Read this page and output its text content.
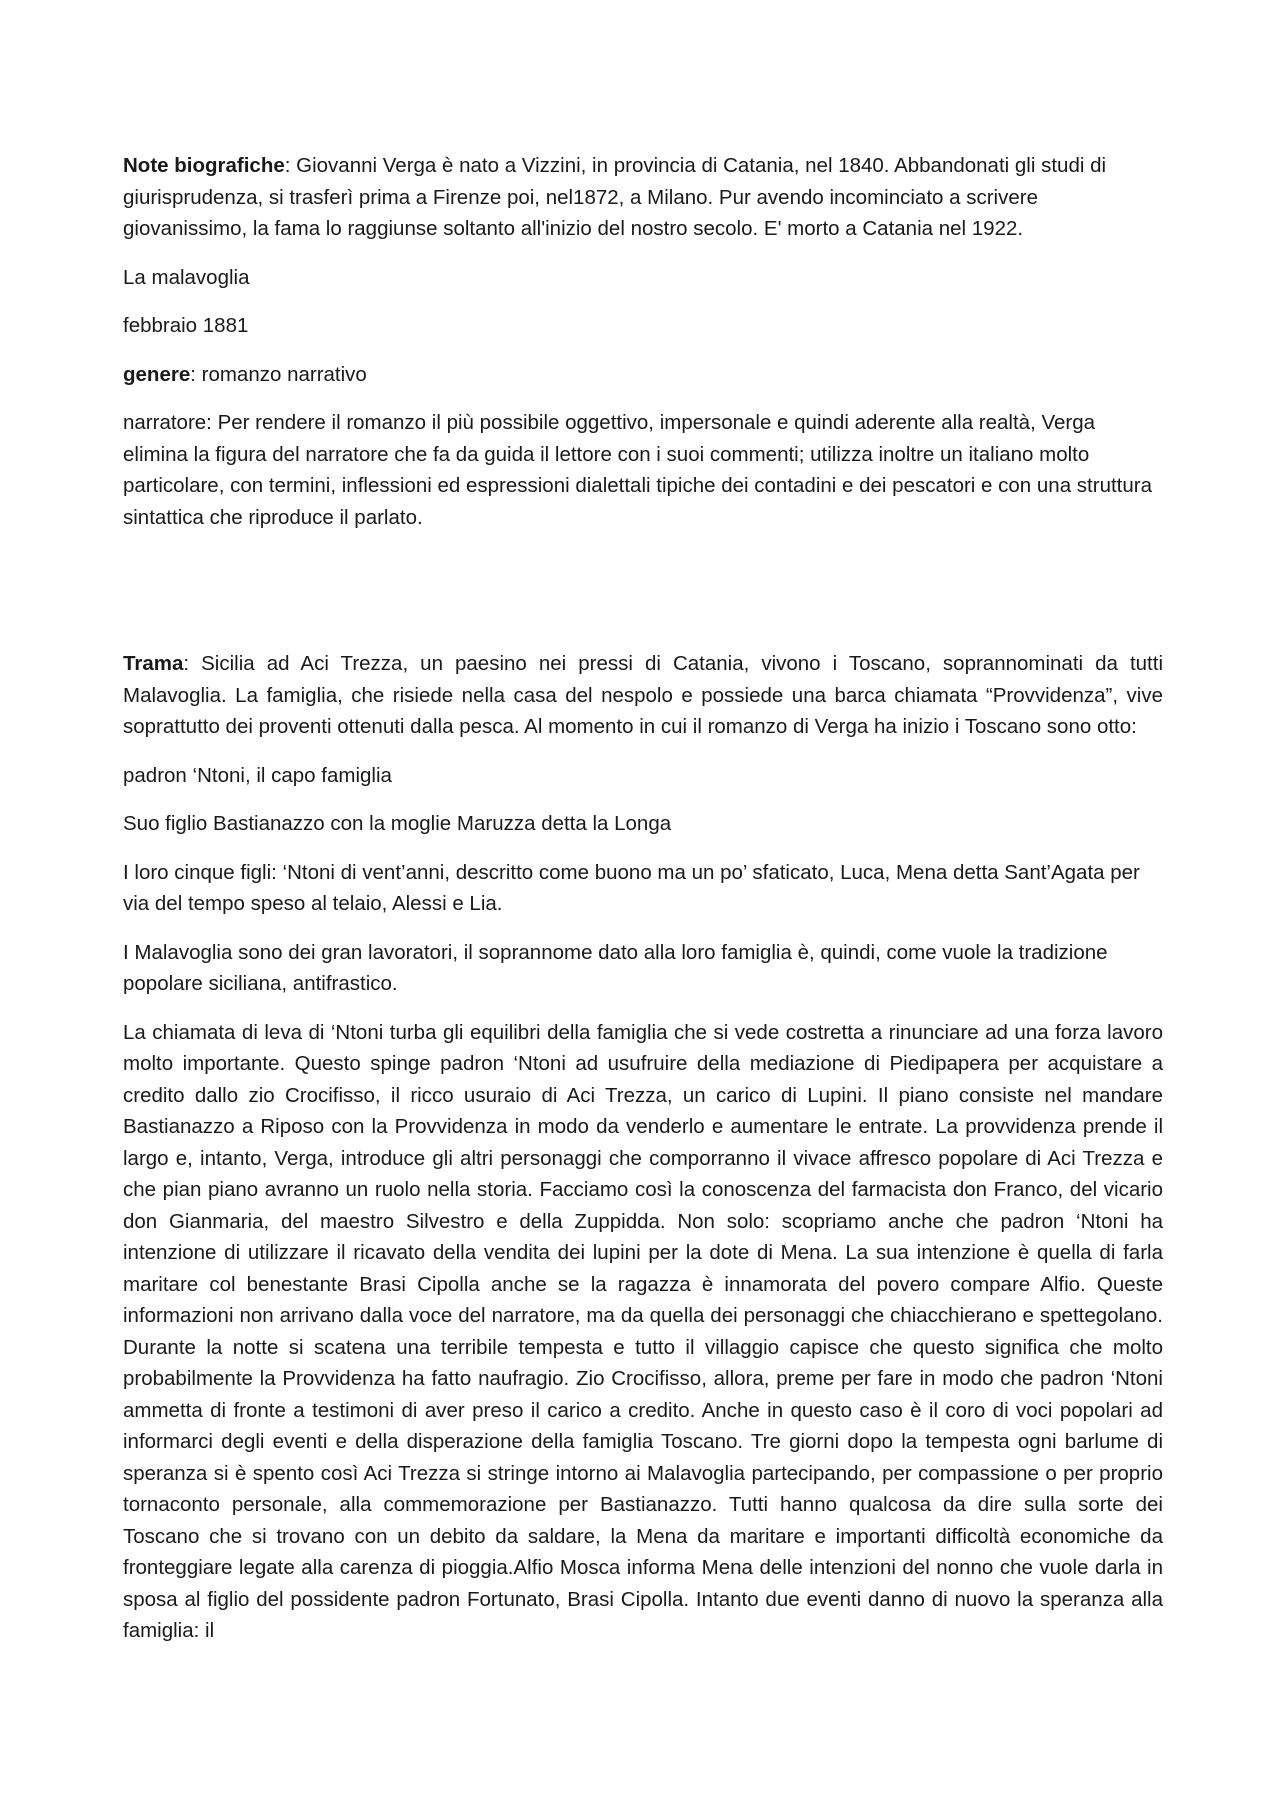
Note biografiche: Giovanni Verga è nato a Vizzini, in provincia di Catania, nel 1840. Abbandonati gli studi di giurisprudenza, si trasferì prima a Firenze poi, nel1872, a Milano. Pur avendo incominciato a scrivere giovanissimo, la fama lo raggiunse soltanto all'inizio del nostro secolo. E' morto a Catania nel 1922.

La malavoglia

febbraio 1881

genere: romanzo narrativo

narratore: Per rendere il romanzo il più possibile oggettivo, impersonale e quindi aderente alla realtà, Verga elimina la figura del narratore che fa da guida il lettore con i suoi commenti; utilizza inoltre un italiano molto particolare, con termini, inflessioni ed espressioni dialettali tipiche dei contadini e dei pescatori e con una struttura sintattica che riproduce il parlato.

Trama: Sicilia ad Aci Trezza, un paesino nei pressi di Catania, vivono i Toscano, soprannominati da tutti Malavoglia. La famiglia, che risiede nella casa del nespolo e possiede una barca chiamata “Provvidenza”, vive soprattutto dei proventi ottenuti dalla pesca. Al momento in cui il romanzo di Verga ha inizio i Toscano sono otto:

padron ‘Ntoni, il capo famiglia

Suo figlio Bastianazzo con la moglie Maruzza detta la Longa

I loro cinque figli: ‘Ntoni di vent’anni, descritto come buono ma un po’ sfaticato, Luca, Mena detta Sant’Agata per via del tempo speso al telaio, Alessi e Lia.

I Malavoglia sono dei gran lavoratori, il soprannome dato alla loro famiglia è, quindi, come vuole la tradizione popolare siciliana, antifrastico.

La chiamata di leva di ‘Ntoni turba gli equilibri della famiglia che si vede costretta a rinunciare ad una forza lavoro molto importante. Questo spinge padron ‘Ntoni ad usufruire della mediazione di Piedipapera per acquistare a credito dallo zio Crocifisso, il ricco usuraio di Aci Trezza, un carico di Lupini. Il piano consiste nel mandare Bastianazzo a Riposo con la Provvidenza in modo da venderlo e aumentare le entrate. La provvidenza prende il largo e, intanto, Verga, introduce gli altri personaggi che comporranno il vivace affresco popolare di Aci Trezza e che pian piano avranno un ruolo nella storia. Facciamo così la conoscenza del farmacista don Franco, del vicario don Gianmaria, del maestro Silvestro e della Zuppidda. Non solo: scopriamo anche che padron ‘Ntoni ha intenzione di utilizzare il ricavato della vendita dei lupini per la dote di Mena. La sua intenzione è quella di farla maritare col benestante Brasi Cipolla anche se la ragazza è innamorata del povero compare Alfio. Queste informazioni non arrivano dalla voce del narratore, ma da quella dei personaggi che chiacchierano e spettegolano. Durante la notte si scatena una terribile tempesta e tutto il villaggio capisce che questo significa che molto probabilmente la Provvidenza ha fatto naufragio. Zio Crocifisso, allora, preme per fare in modo che padron ‘Ntoni ammetta di fronte a testimoni di aver preso il carico a credito. Anche in questo caso è il coro di voci popolari ad informarci degli eventi e della disperazione della famiglia Toscano. Tre giorni dopo la tempesta ogni barlume di speranza si è spento così Aci Trezza si stringe intorno ai Malavoglia partecipando, per compassione o per proprio tornaconto personale, alla commemorazione per Bastianazzo. Tutti hanno qualcosa da dire sulla sorte dei Toscano che si trovano con un debito da saldare, la Mena da maritare e importanti difficoltà economiche da fronteggiare legate alla carenza di pioggia.Alfio Mosca informa Mena delle intenzioni del nonno che vuole darla in sposa al figlio del possidente padron Fortunato, Brasi Cipolla. Intanto due eventi danno di nuovo la speranza alla famiglia: il
